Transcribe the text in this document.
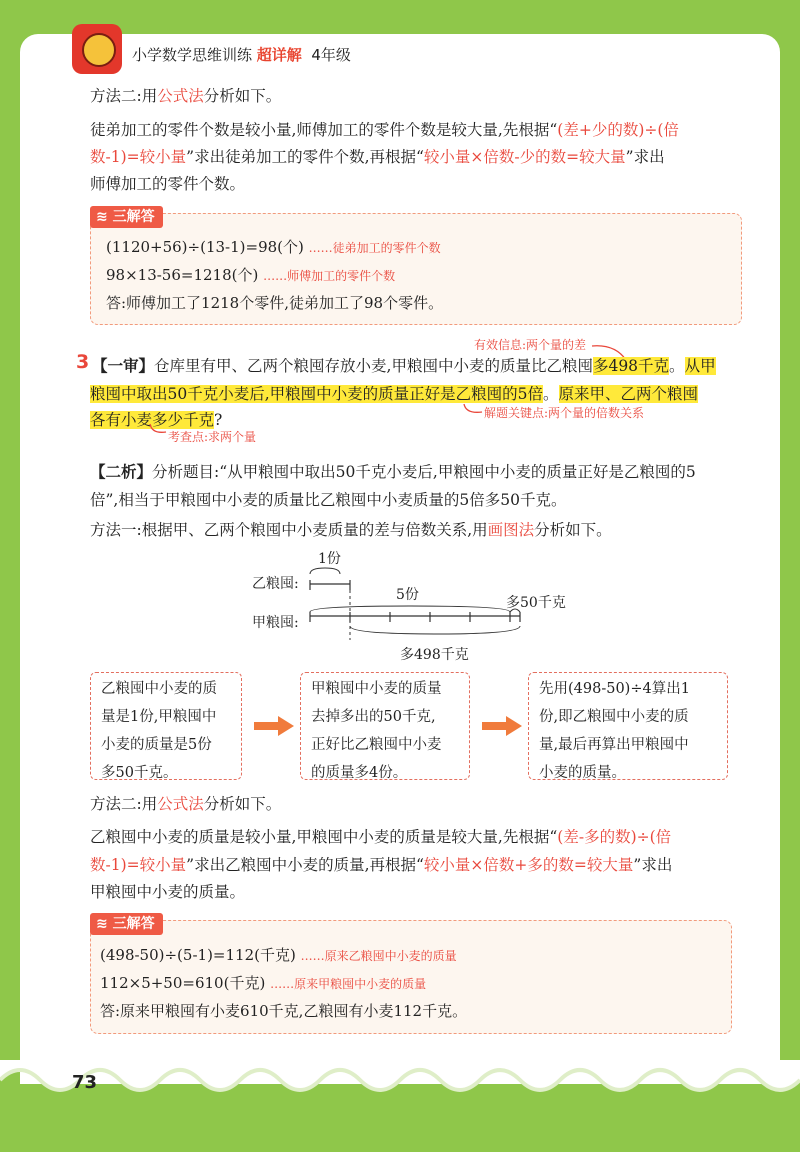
小学数学思维训练 超详解 4年级
方法二:用公式法分析如下。
徒弟加工的零件个数是较小量,师傅加工的零件个数是较大量,先根据“(差+少的数)÷(倍
数-1)=较小量”求出徒弟加工的零件个数,再根据“较小量×倍数-少的数=较大量”求出
师傅加工的零件个数。
≋ 三解答
(1120+56)÷(13-1)=98(个) ……徒弟加工的零件个数
98×13-56=1218(个) ……师傅加工的零件个数
答:师傅加工了1218个零件,徒弟加工了98个零件。
有效信息:两个量的差
3 【一审】仓库里有甲、乙两个粮囤存放小麦,甲粮囤中小麦的质量比乙粮囤多498千克。从甲
粮囤中取出50千克小麦后,甲粮囤中小麦的质量正好是乙粮囤的5倍。原来甲、乙两个粮囤
各有小麦多少千克?	解题关键点:两个量的倍数关系
考查点:求两个量
【二析】分析题目:“从甲粮囤中取出50千克小麦后,甲粮囤中小麦的质量正好是乙粮囤的5
倍”,相当于甲粮囤中小麦的质量比乙粮囤中小麦质量的5倍多50千克。
方法一:根据甲、乙两个粮囤中小麦质量的差与倍数关系,用画图法分析如下。
1份
乙粮囤:
甲粮囤:
5份	多50千克
多498千克
乙粮囤中小麦的质
量是1份,甲粮囤中
小麦的质量是5份
多50千克。
甲粮囤中小麦的质量
去掉多出的50千克,
正好比乙粮囤中小麦
的质量多4份。
先用(498-50)÷4算出1
份,即乙粮囤中小麦的质
量,最后再算出甲粮囤中
小麦的质量。
方法二:用公式法分析如下。
乙粮囤中小麦的质量是较小量,甲粮囤中小麦的质量是较大量,先根据“(差-多的数)÷(倍
数-1)=较小量”求出乙粮囤中小麦的质量,再根据“较小量×倍数+多的数=较大量”求出
甲粮囤中小麦的质量。
≋ 三解答
(498-50)÷(5-1)=112(千克) ……原来乙粮囤中小麦的质量
112×5+50=610(千克) ……原来甲粮囤中小麦的质量
答:原来甲粮囤有小麦610千克,乙粮囤有小麦112千克。
73
